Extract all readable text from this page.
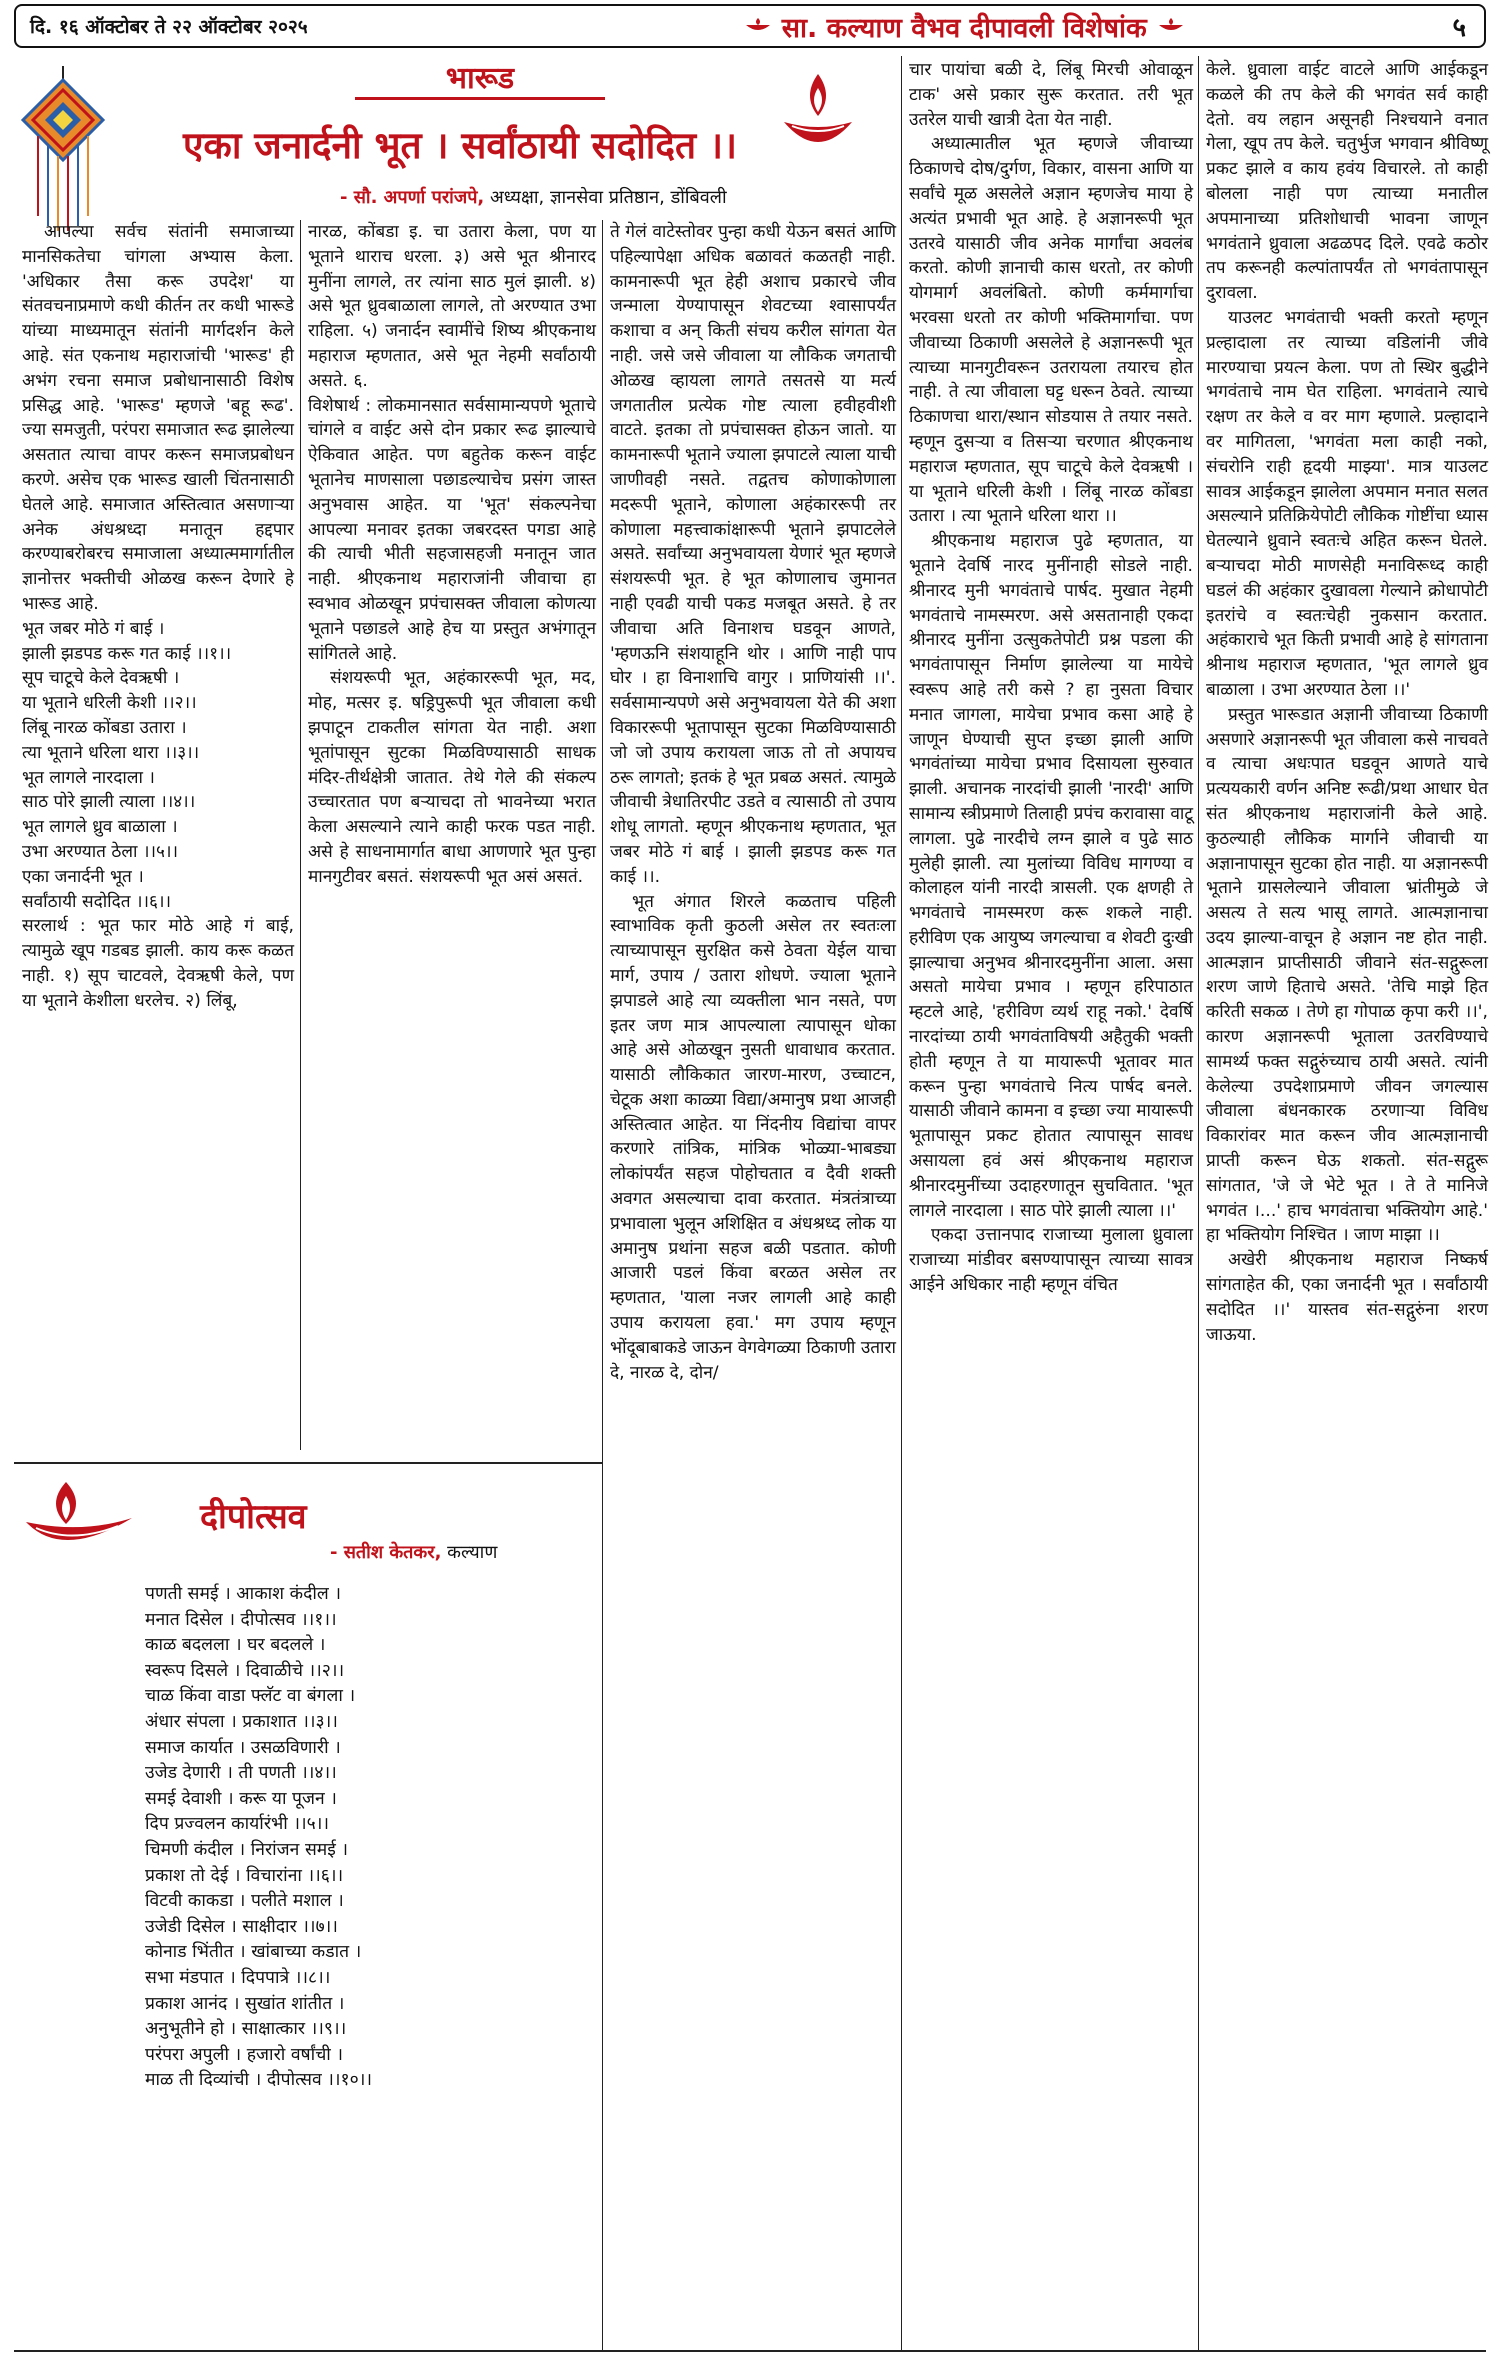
दि. १६ ऑक्टोबर ते २२ ऑक्टोबर २०२५	सा. कल्याण वैभव दीपावली विशेषांक	५
भारूड
एका जनार्दनी भूत । सर्वांठायी सदोदित ।।
- सौ. अपर्णा परांजपे, अध्यक्षा, ज्ञानसेवा प्रतिष्ठान, डोंबिवली

आपल्या सर्वच संतांनी समाजाच्या मानसिकतेचा चांगला अभ्यास केला. 'अधिकार तैसा करू उपदेश' या संतवचनाप्रमाणे कधी कीर्तन तर कधी भारूडे यांच्या माध्यमातून संतांनी मार्गदर्शन केले आहे. संत एकनाथ महाराजांची 'भारूड' ही अभंग रचना समाज प्रबोधानासाठी विशेष प्रसिद्ध आहे. 'भारूड' म्हणजे 'बहू रूढ'. ज्या समजुती, परंपरा समाजात रूढ झालेल्या असतात त्याचा वापर करून समाजप्रबोधन करणे. असेच एक भारूड खाली चिंतनासाठी घेतले आहे. समाजात अस्तित्वात असणाऱ्या अनेक अंधश्रध्दा मनातून हद्दपार करण्याबरोबरच समाजाला अध्यात्ममार्गातील ज्ञानोत्तर भक्तीची ओळख करून देणारे हे भारूड आहे.

भूत जबर मोठे गं बाई ।
झाली झडपड करू गत काई ।।१।।
सूप चाटूचे केले देवऋषी ।
या भूताने धरिली केशी ।।२।।
लिंबू नारळ कोंबडा उतारा ।
त्या भूताने धरिला थारा ।।३।।
भूत लागले नारदाला ।
साठ पोरे झाली त्याला ।।४।।
भूत लागले ध्रुव बाळाला ।
उभा अरण्यात ठेला ।।५।।
एका जनार्दनी भूत ।
सर्वांठायी सदोदित ।।६।।

सरलार्थ : भूत फार मोठे आहे गं बाई, त्यामुळे खूप गडबड झाली. काय करू कळत नाही. १) सूप चाटवले, देवऋषी केले, पण या भूताने केशीला धरलेच. २) लिंबू,

नारळ, कोंबडा इ. चा उतारा केला, पण या भूताने थाराच धरला. ३) असे भूत श्रीनारद मुनींना लागले, तर त्यांना साठ मुलं झाली. ४) असे भूत ध्रुवबाळाला लागले, तो अरण्यात उभा राहिला. ५) जनार्दन स्वामींचे शिष्य श्रीएकनाथ महाराज म्हणतात, असे भूत नेहमी सर्वांठायी असते. ६.

विशेषार्थ : लोकमानसात सर्वसामान्यपणे भूताचे चांगले व वाईट असे दोन प्रकार रूढ झाल्याचे ऐकिवात आहेत. पण बहुतेक करून वाईट भूतानेच माणसाला पछाडल्याचेच प्रसंग जास्त अनुभवास आहेत. या 'भूत' संकल्पनेचा आपल्या मनावर इतका जबरदस्त पगडा आहे की त्याची भीती सहजासहजी मनातून जात नाही. श्रीएकनाथ महाराजांनी जीवाचा हा स्वभाव ओळखून प्रपंचासक्त जीवाला कोणत्या भूताने पछाडले आहे हेच या प्रस्तुत अभंगातून सांगितले आहे.

संशयरूपी भूत, अहंकाररूपी भूत, मद, मोह, मत्सर इ. षड्रिपुरूपी भूत जीवाला कधी झपाटून टाकतील सांगता येत नाही. अशा भूतांपासून सुटका मिळविण्यासाठी साधक मंदिर-तीर्थक्षेत्री जातात. तेथे गेले की संकल्प उच्चारतात पण बऱ्याचदा तो भावनेच्या भरात केला असल्याने त्याने काही फरक पडत नाही. असे हे साधनामार्गात बाधा आणणारे भूत पुन्हा मानगुटीवर बसतं. संशयरूपी भूत असं असतं.

ते गेलं वाटेस्तोवर पुन्हा कधी येऊन बसतं आणि पहिल्यापेक्षा अधिक बळावतं कळतही नाही. कामनारूपी भूत हेही अशाच प्रकारचे जीव जन्माला येण्यापासून शेवटच्या श्वासापर्यंत कशाचा व अन् किती संचय करील सांगता येत नाही. जसे जसे जीवाला या लौकिक जगताची ओळख व्हायला लागते तसतसे या मर्त्य जगतातील प्रत्येक गोष्ट त्याला हवीहवीशी वाटते. इतका तो प्रपंचासक्त होऊन जातो. या कामनारूपी भूताने ज्याला झपाटले त्याला याची जाणीवही नसते. तद्वतच कोणाकोणाला मदरूपी भूताने, कोणाला अहंकाररूपी तर कोणाला महत्त्वाकांक्षारूपी भूताने झपाटलेले असते. सर्वांच्या अनुभवायला येणारं भूत म्हणजे संशयरूपी भूत. हे भूत कोणालाच जुमानत नाही एवढी याची पकड मजबूत असते. हे तर जीवाचा अति विनाशच घडवून आणते, 'म्हणऊनि संशयाहूनि थोर । आणि नाही पाप घोर । हा विनाशाचि वागुर । प्राणियांसी ।।'. सर्वसामान्यपणे असे अनुभवायला येते की अशा विकाररूपी भूतापासून सुटका मिळविण्यासाठी जो जो उपाय करायला जाऊ तो तो अपायच ठरू लागतो; इतकं हे भूत प्रबळ असतं. त्यामुळे जीवाची त्रेधातिरपीट उडते व त्यासाठी तो उपाय शोधू लागतो. म्हणून श्रीएकनाथ म्हणतात, भूत जबर मोठे गं बाई । झाली झडपड करू गत काई ।।.

भूत अंगात शिरले कळताच पहिली स्वाभाविक कृती कुठली असेल तर स्वतःला त्याच्यापासून सुरक्षित कसे ठेवता येईल याचा मार्ग, उपाय / उतारा शोधणे. ज्याला भूताने झपाडले आहे त्या व्यक्तीला भान नसते, पण इतर जण मात्र आपल्याला त्यापासून धोका आहे असे ओळखून नुसती धावाधाव करतात. यासाठी लौकिकात जारण-मारण, उच्चाटन, चेटूक अशा काळ्या विद्या/अमानुष प्रथा आजही अस्तित्वात आहेत. या निंदनीय विद्यांचा वापर करणारे तांत्रिक, मांत्रिक भोळ्या-भाबड्या लोकांपर्यंत सहज पोहोचतात व दैवी शक्ती अवगत असल्याचा दावा करतात. मंत्रतंत्राच्या प्रभावाला भुलून अशिक्षित व अंधश्रध्द लोक या अमानुष प्रथांना सहज बळी पडतात. कोणी आजारी पडलं किंवा बरळत असेल तर म्हणतात, 'याला नजर लागली आहे काही उपाय करायला हवा.' मग उपाय म्हणून भोंदूबाबाकडे जाऊन वेगवेगळ्या ठिकाणी उतारा दे, नारळ दे, दोन/

चार पायांचा बळी दे, लिंबू मिरची ओवाळून टाक' असे प्रकार सुरू करतात. तरी भूत उतरेल याची खात्री देता येत नाही.

अध्यात्मातील भूत म्हणजे जीवाच्या ठिकाणचे दोष/दुर्गण, विकार, वासना आणि या सर्वांचे मूळ असलेले अज्ञान म्हणजेच माया हे अत्यंत प्रभावी भूत आहे. हे अज्ञानरूपी भूत उतरवे यासाठी जीव अनेक मार्गांचा अवलंब करतो. कोणी ज्ञानाची कास धरतो, तर कोणी योगमार्ग अवलंबितो. कोणी कर्ममार्गाचा भरवसा धरतो तर कोणी भक्तिमार्गाचा. पण जीवाच्या ठिकाणी असलेले हे अज्ञानरूपी भूत त्याच्या मानगुटीवरून उतरायला तयारच होत नाही. ते त्या जीवाला घट्ट धरून ठेवते. त्याच्या ठिकाणचा थारा/स्थान सोडयास ते तयार नसते. म्हणून दुसऱ्या व तिसऱ्या चरणात श्रीएकनाथ महाराज म्हणतात, सूप चाटूचे केले देवऋषी । या भूताने धरिली केशी । लिंबू नारळ कोंबडा उतारा । त्या भूताने धरिला थारा ।।

श्रीएकनाथ महाराज पुढे म्हणतात, या भूताने देवर्षि नारद मुनींनाही सोडले नाही. श्रीनारद मुनी भगवंताचे पार्षद. मुखात नेहमी भगवंताचे नामस्मरण. असे असतानाही एकदा श्रीनारद मुनींना उत्सुकतेपोटी प्रश्न पडला की भगवंतापासून निर्माण झालेल्या या मायेचे स्वरूप आहे तरी कसे ? हा नुसता विचार मनात जागला, मायेचा प्रभाव कसा आहे हे जाणून घेण्याची सुप्त इच्छा झाली आणि भगवंतांच्या मायेचा प्रभाव दिसायला सुरुवात झाली. अचानक नारदांची झाली 'नारदी' आणि सामान्य स्त्रीप्रमाणे तिलाही प्रपंच करावासा वाटू लागला. पुढे नारदीचे लग्न झाले व पुढे साठ मुलेही झाली. त्या मुलांच्या विविध मागण्या व कोलाहल यांनी नारदी त्रासली. एक क्षणही ते भगवंताचे नामस्मरण करू शकले नाही. हरीविण एक आयुष्य जगल्याचा व शेवटी दुःखी झाल्याचा अनुभव श्रीनारदमुनींना आला. असा असतो मायेचा प्रभाव । म्हणून हरिपाठात म्हटले आहे, 'हरीविण व्यर्थ राहू नको.' देवर्षि नारदांच्या ठायी भगवंताविषयी अहैतुकी भक्ती होती म्हणून ते या मायारूपी भूतावर मात करून पुन्हा भगवंताचे नित्य पार्षद बनले. यासाठी जीवाने कामना व इच्छा ज्या मायारूपी भूतापासून प्रकट होतात त्यापासून सावध असायला हवं असं श्रीएकनाथ महाराज श्रीनारदमुनींच्या उदाहरणातून सुचवितात. 'भूत लागले नारदाला । साठ पोरे झाली त्याला ।।'

एकदा उत्तानपाद राजाच्या मुलाला ध्रुवाला राजाच्या मांडीवर बसण्यापासून त्याच्या सावत्र आईने अधिकार नाही म्हणून वंचित

केले. ध्रुवाला वाईट वाटले आणि आईकडून कळले की तप केले की भगवंत सर्व काही देतो. वय लहान असूनही निश्चयाने वनात गेला, खूप तप केले. चतुर्भुज भगवान श्रीविष्णू प्रकट झाले व काय हवंय विचारले. तो काही बोलला नाही पण त्याच्या मनातील अपमानाच्या प्रतिशोधाची भावना जाणून भगवंताने ध्रुवाला अढळपद दिले. एवढे कठोर तप करूनही कल्पांतापर्यंत तो भगवंतापासून दुरावला.

याउलट भगवंताची भक्ती करतो म्हणून प्रल्हादाला तर त्याच्या वडिलांनी जीवे मारण्याचा प्रयत्न केला. पण तो स्थिर बुद्धीने भगवंताचे नाम घेत राहिला. भगवंताने त्याचे रक्षण तर केले व वर माग म्हणाले. प्रल्हादाने वर मागितला, 'भगवंता मला काही नको, संचरोनि राही हृदयी माझ्या'. मात्र याउलट सावत्र आईकडून झालेला अपमान मनात सलत असल्याने प्रतिक्रियेपोटी लौकिक गोष्टींचा ध्यास घेतल्याने ध्रुवाने स्वतःचे अहित करून घेतले. बऱ्याचदा मोठी माणसेही मनाविरूध्द काही घडलं की अहंकार दुखावला गेल्याने क्रोधापोटी इतरांचे व स्वतःचेही नुकसान करतात. अहंकाराचे भूत किती प्रभावी आहे हे सांगताना श्रीनाथ महाराज म्हणतात, 'भूत लागले ध्रुव बाळाला । उभा अरण्यात ठेला ।।'

प्रस्तुत भारूडात अज्ञानी जीवाच्या ठिकाणी असणारे अज्ञानरूपी भूत जीवाला कसे नाचवते व त्याचा अधःपात घडवून आणते याचे प्रत्ययकारी वर्णन अनिष्ट रूढी/प्रथा आधार घेत संत श्रीएकनाथ महाराजांनी केले आहे. कुठल्याही लौकिक मार्गाने जीवाची या अज्ञानापासून सुटका होत नाही. या अज्ञानरूपी भूताने ग्रासलेल्याने जीवाला भ्रांतीमुळे जे असत्य ते सत्य भासू लागते. आत्मज्ञानाचा उदय झाल्या-वाचून हे अज्ञान नष्ट होत नाही. आत्मज्ञान प्राप्तीसाठी जीवाने संत-सद्गुरूला शरण जाणे हिताचे असते. 'तेचि माझे हित करिती सकळ । तेणे हा गोपाळ कृपा करी ।।', कारण अज्ञानरूपी भूताला उतरविण्याचे सामर्थ्य फक्त सद्गुरुंच्याच ठायी असते. त्यांनी केलेल्या उपदेशाप्रमाणे जीवन जगल्यास जीवाला बंधनकारक ठरणाऱ्या विविध विकारांवर मात करून जीव आत्मज्ञानाची प्राप्ती करून घेऊ शकतो. संत-सद्गुरू सांगतात, 'जे जे भेटे भूत । ते ते मानिजे भगवंत ।...' हाच भगवंताचा भक्तियोग आहे.' हा भक्तियोग निश्चित । जाण माझा ।।

अखेरी श्रीएकनाथ महाराज निष्कर्ष सांगताहेत की, एका जनार्दनी भूत । सर्वांठायी सदोदित ।।' यास्तव संत-सद्गुरुंना शरण जाऊया.

दीपोत्सव
- सतीश केतकर, कल्याण
पणती समई । आकाश कंदील ।
मनात दिसेल । दीपोत्सव ।।१।।
काळ बदलला । घर बदलले ।
स्वरूप दिसले । दिवाळीचे ।।२।।
चाळ किंवा वाडा फ्लॅट वा बंगला ।
अंधार संपला । प्रकाशात ।।३।।
समाज कार्यात । उसळविणारी ।
उजेड देणारी । ती पणती ।।४।।
समई देवाशी । करू या पूजन ।
दिप प्रज्वलन कार्यारंभी ।।५।।
चिमणी कंदील । निरांजन समई ।
प्रकाश तो देई । विचारांना ।।६।।
विटवी काकडा । पलीते मशाल ।
उजेडी दिसेल । साक्षीदार ।।७।।
कोनाड भिंतीत । खांबाच्या कडात ।
सभा मंडपात । दिपपात्रे ।।८।।
प्रकाश आनंद । सुखांत शांतीत ।
अनुभूतीने हो । साक्षात्कार ।।९।।
परंपरा अपुली । हजारो वर्षांची ।
माळ ती दिव्यांची । दीपोत्सव ।।१०।।
